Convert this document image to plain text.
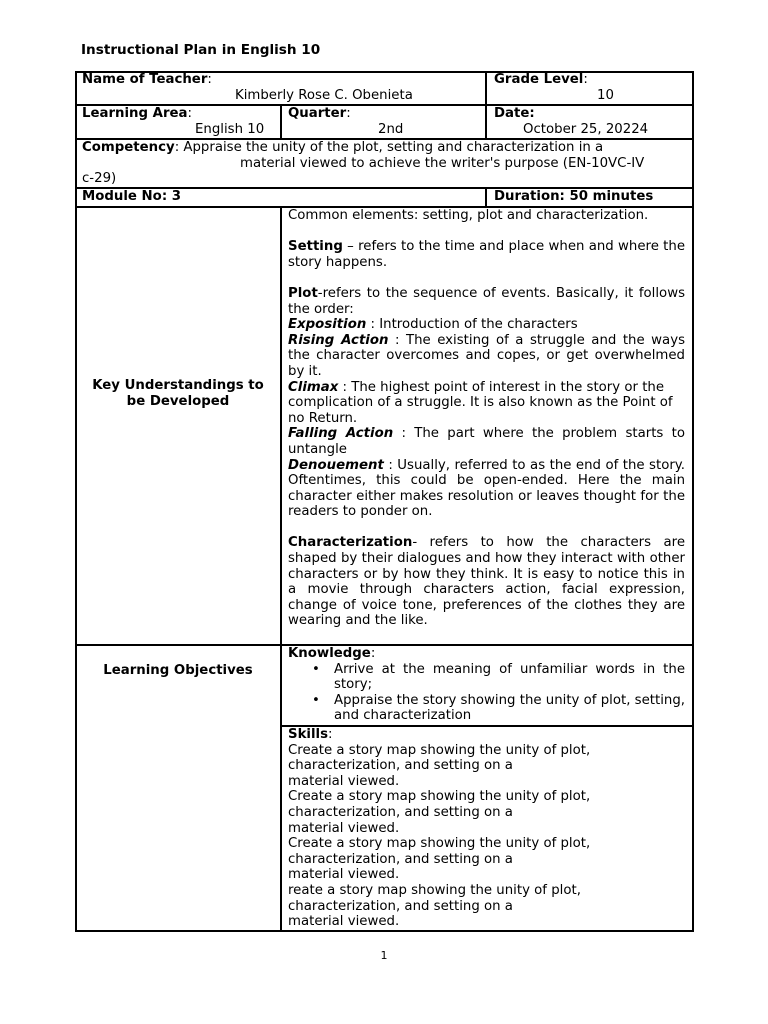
Instructional Plan in English 10
Name of Teacher:
Kimberly Rose C. Obenieta
Grade Level:
10
Learning Area:
English 10
Quarter:
2nd
Date:
October 25, 20224
Competency: Appraise the unity of the plot, setting and characterization in a
material viewed to achieve the writer's purpose (EN-10VC-IV
c-29)
Module No: 3	Duration: 50 minutes
Key Understandings to be Developed

Common elements: setting, plot and characterization.

Setting – refers to the time and place when and where the story happens.

Plot-refers to the sequence of events. Basically, it follows the order:

Exposition : Introduction of the characters

Rising Action : The existing of a struggle and the ways the character overcomes and copes, or get overwhelmed by it.

Climax : The highest point of interest in the story or the

complication of a struggle. It is also known as the Point of no Return.

Falling Action : The part where the problem starts to untangle

Denouement : Usually, referred to as the end of the story. Oftentimes, this could be open-ended. Here the main character either makes resolution or leaves thought for the readers to ponder on.

Characterization- refers to how the characters are shaped by their dialogues and how they interact with other characters or by how they think. It is easy to notice this in a movie through characters action, facial expression, change of voice tone, preferences of the clothes they are wearing and the like.

Learning Objectives
Knowledge:
• Arrive at the meaning of unfamiliar words in the story;
• Appraise the story showing the unity of plot, setting, and characterization
Skills:
Create a story map showing the unity of plot,
characterization, and setting on a
material viewed.
Create a story map showing the unity of plot,
characterization, and setting on a
material viewed.
Create a story map showing the unity of plot,
characterization, and setting on a
material viewed.
reate a story map showing the unity of plot,
characterization, and setting on a
material viewed.
1
